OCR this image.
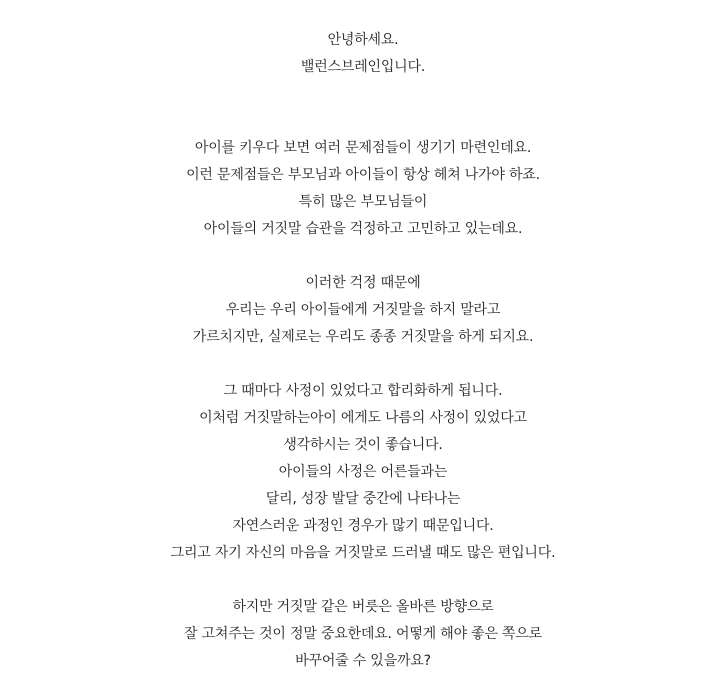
안녕하세요.
밸런스브레인입니다.
아이를 키우다 보면 여러 문제점들이 생기기 마련인데요.
이런 문제점들은 부모님과 아이들이 항상 헤쳐 나가야 하죠.
특히 많은 부모님들이
아이들의 거짓말 습관을 걱정하고 고민하고 있는데요.
이러한 걱정 때문에
우리는 우리 아이들에게 거짓말을 하지 말라고
가르치지만, 실제로는 우리도 종종 거짓말을 하게 되지요.
그 때마다 사정이 있었다고 합리화하게 됩니다.
이처럼 거짓말하는아이 에게도 나름의 사정이 있었다고
생각하시는 것이 좋습니다.
아이들의 사정은 어른들과는
달리, 성장 발달 중간에 나타나는
자연스러운 과정인 경우가 많기 때문입니다.
그리고 자기 자신의 마음을 거짓말로 드러낼 때도 많은 편입니다.
하지만 거짓말 같은 버릇은 올바른 방향으로
잘 고쳐주는 것이 정말 중요한데요. 어떻게 해야 좋은 쪽으로
바꾸어줄 수 있을까요?
